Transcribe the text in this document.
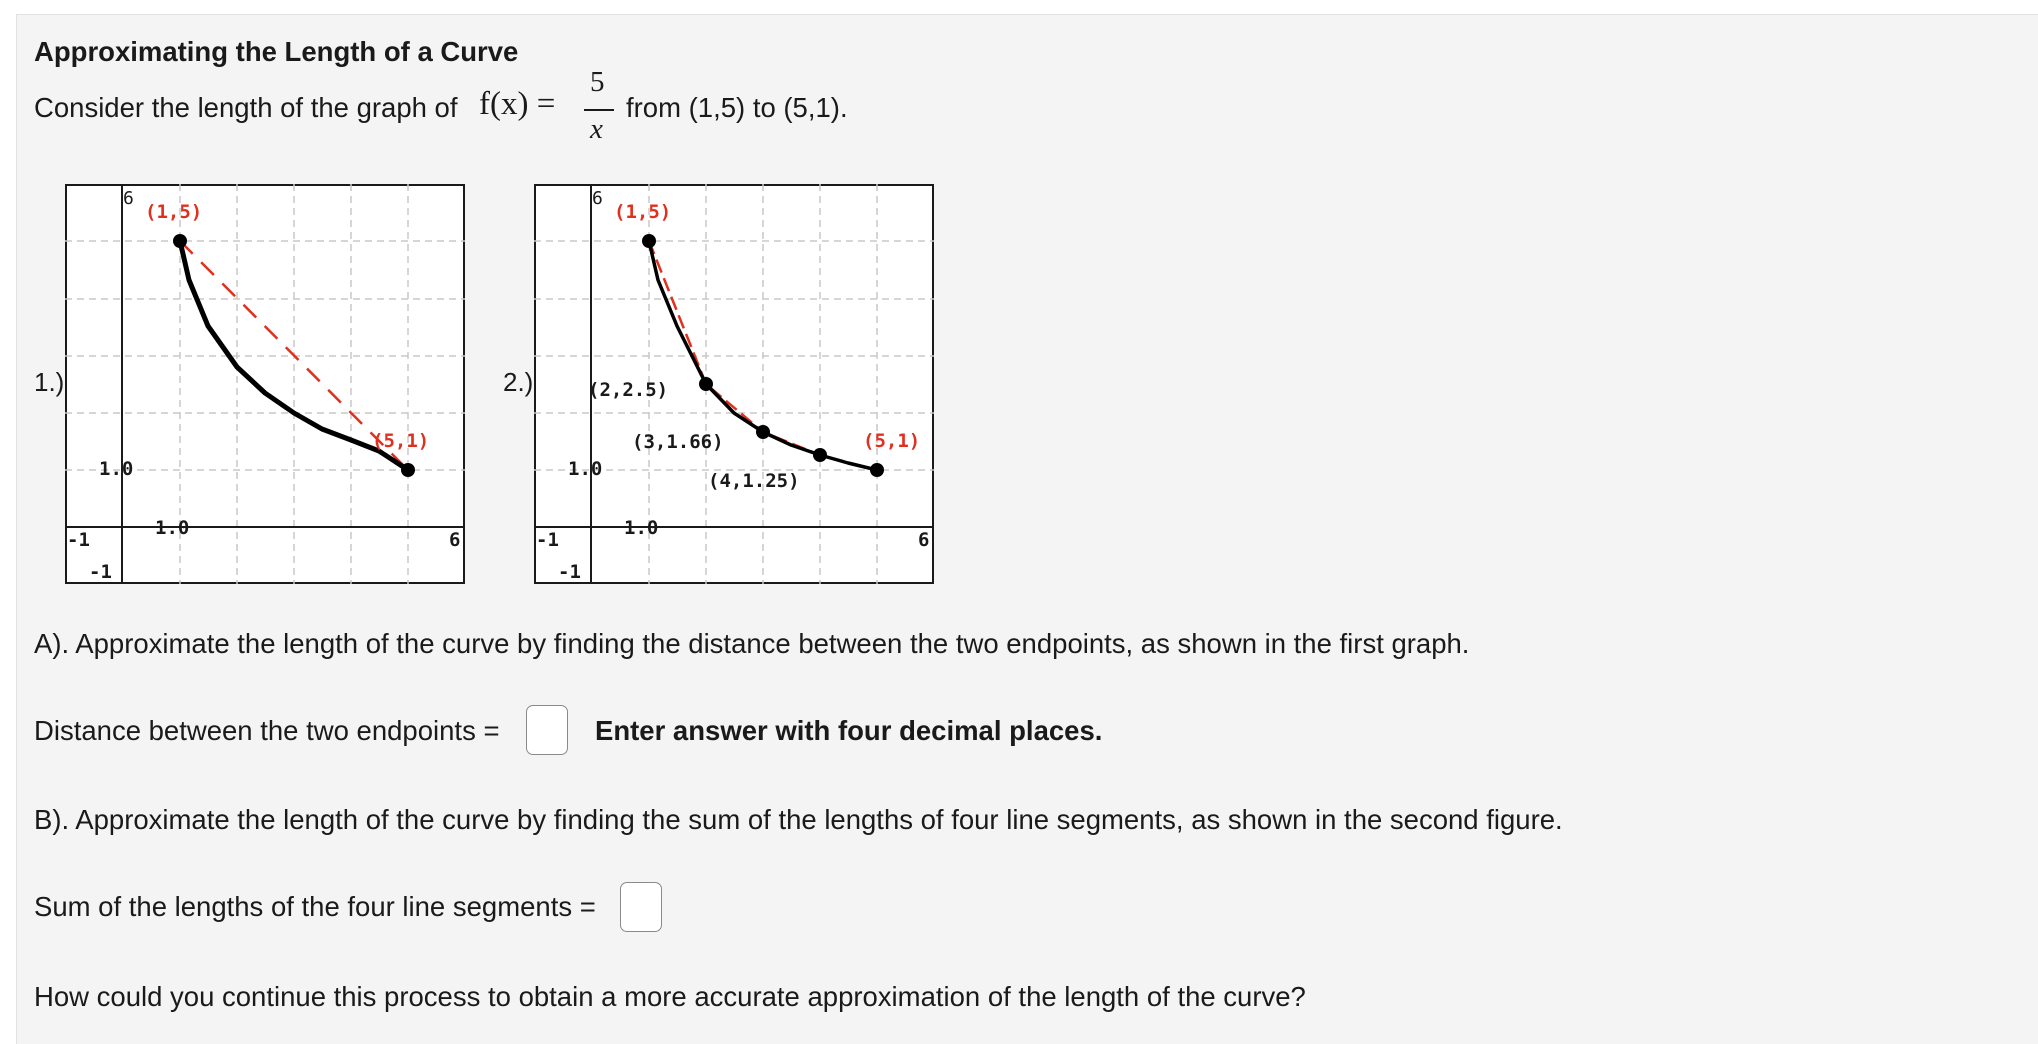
Approximating the Length of a Curve
Consider the length of the graph of f(x) =
5
x
from (1,5) to (5,1).
1.)
6
(1,5)
(5,1)
1.0
1.0
6
-1
-1
2.)
6
(1,5)
(2,2.5)
(3,1.66)
(4,1.25)
(5,1)
1.0
1.0
6
-1
-1
A). Approximate the length of the curve by finding the distance between the two endpoints, as shown in the first graph.
Distance between the two endpoints =	Enter answer with four decimal places.
B). Approximate the length of the curve by finding the sum of the lengths of four line segments, as shown in the second figure.
Sum of the lengths of the four line segments =
How could you continue this process to obtain a more accurate approximation of the length of the curve?
